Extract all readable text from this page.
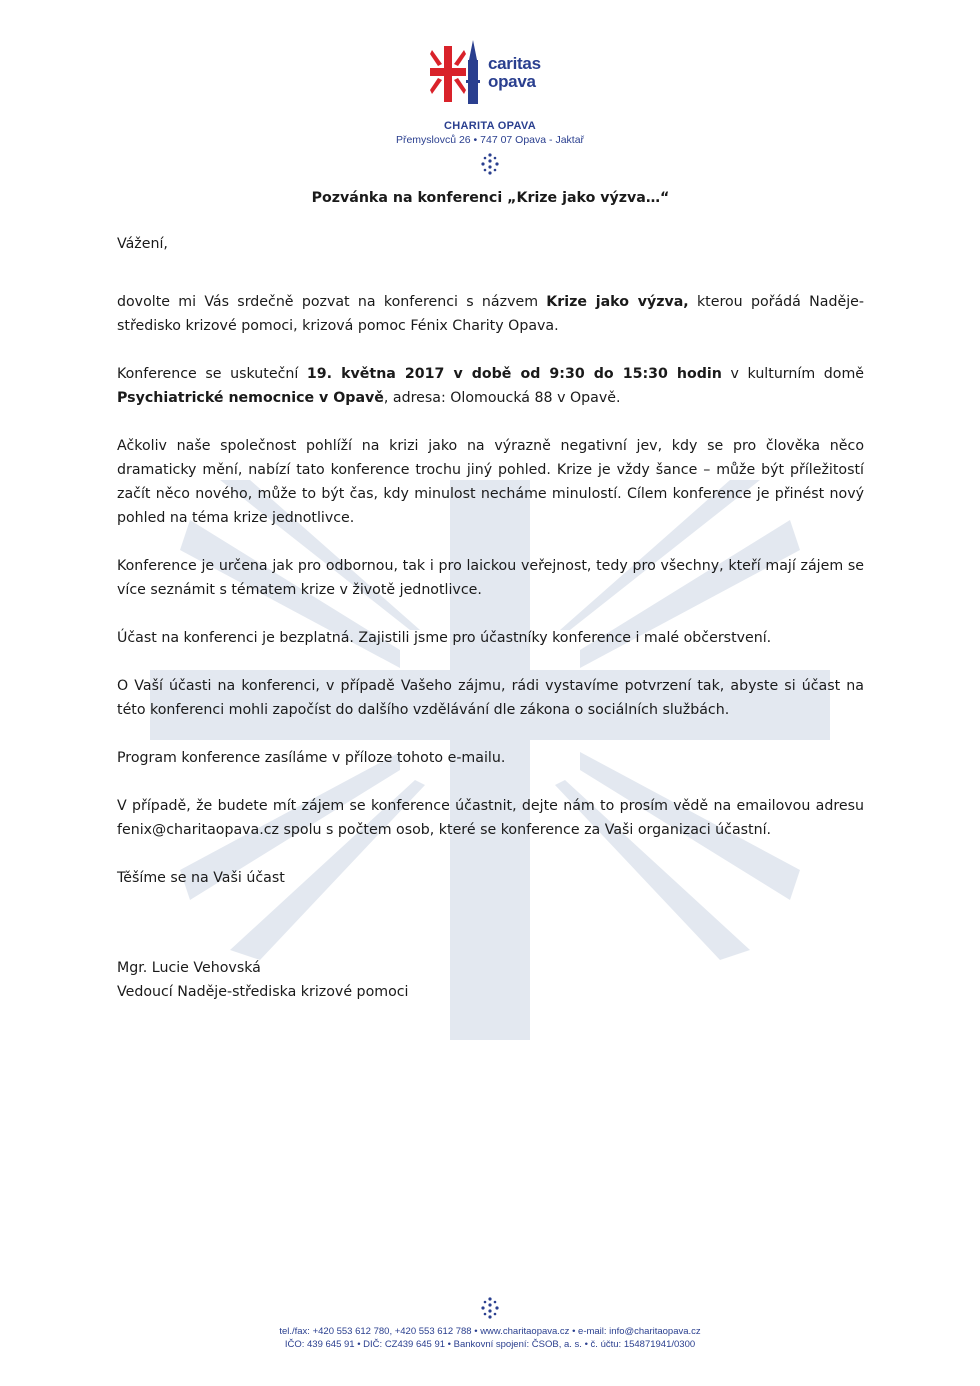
caritas
opava
CHARITA OPAVA
Přemyslovců 26 • 747 07 Opava - Jaktař
Pozvánka na konferenci „Krize jako výzva…“

Vážení,

dovolte mi Vás srdečně pozvat na konferenci s názvem Krize jako výzva, kterou pořádá Naděje-středisko krizové pomoci, krizová pomoc Fénix Charity Opava.

Konference se uskuteční 19. května 2017 v době od 9:30 do 15:30 hodin v kulturním domě Psychiatrické nemocnice v Opavě, adresa: Olomoucká 88 v Opavě.

Ačkoliv naše společnost pohlíží na krizi jako na výrazně negativní jev, kdy se pro člověka něco dramaticky mění, nabízí tato konference trochu jiný pohled. Krize je vždy šance – může být příležitostí začít něco nového, může to být čas, kdy minulost necháme minulostí. Cílem konference je přinést nový pohled na téma krize jednotlivce.

Konference je určena jak pro odbornou, tak i pro laickou veřejnost, tedy pro všechny, kteří mají zájem se více seznámit s tématem krize v životě jednotlivce.

Účast na konferenci je bezplatná. Zajistili jsme pro účastníky konference i malé občerstvení.

O Vaší účasti na konferenci, v případě Vašeho zájmu, rádi vystavíme potvrzení tak, abyste si účast na této konferenci mohli započíst do dalšího vzdělávání dle zákona o sociálních službách.

Program konference zasíláme v příloze tohoto e-mailu.

V případě, že budete mít zájem se konference účastnit, dejte nám to prosím vědě na emailovou adresu fenix@charitaopava.cz spolu s počtem osob, které se konference za Vaši organizaci účastní.

Těšíme se na Vaši účast

Mgr. Lucie Vehovská
Vedoucí Naděje-střediska krizové pomoci
tel./fax: +420 553 612 780, +420 553 612 788 • www.charitaopava.cz • e-mail: info@charitaopava.cz
IČO: 439 645 91 • DIČ: CZ439 645 91 • Bankovní spojení: ČSOB, a. s. • č. účtu: 154871941/0300
